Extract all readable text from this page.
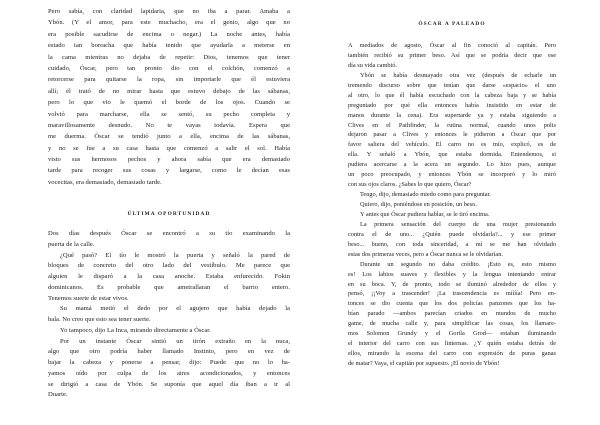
Pero sabía, con claridad lapidaria, que no iba a parar. Amaba a
Ybón. (Y el amor, para este muchacho, era el genio, algo que no
era posible sacudirse de encima o negar.) La noche antes, había
estado tan borracha que había tenido que ayudarla a meterse en
la cama mientras no dejaba de repetir: Dios, tenemos que tener
cuidado, Óscar, pero tan pronto dio con el colchón, comenzó a
retorcerse para quitarse la ropa, sin importarle que él estuviera
allí; él trató de no mirar hasta que estuvo debajo de las sábanas,
pero lo que vio le quemó el borde de los ojos. Cuando se
volvió para marcharse, ella se sentó, su pecho completa y
maravillosamente desnudo. No te vayas todavía. Espera que
me duerma. Óscar se tendió junto a ella, encima de las sábanas,
y no se fue a su casa hasta que comenzó a salir el sol. Había
visto sus hermosos pechos y ahora sabía que era demasiado
tarde para recoger sus cosas y largarse, como le decían esas
vocecitas, era demasiado, demasiado tarde.
ÚLTIMA OPORTUNIDAD
Dos días después Óscar se encontró a su tío examinando la
puerta de la calle.
¿Qué pasó? El tío le mostró la puerta y señaló la pared de
bloques de concreto del otro lado del vestíbulo. Me parece que
alguien le disparó a la casa anoche. Estaba enfurecido. Fokin
dominicanos. Es probable que ametrallaran el barrio entero.
Tenemos suerte de estar vivos.
Su mamá metió el dedo por el agujero que había dejado la
bala. No creo que esto sea tener suerte.
Yo tampoco, dijo La Inca, mirando directamente a Óscar.
Por un instante Óscar sintió un tirón extraño en la nuca,
algo que otro podría haber llamado Instinto, pero en vez de
bajar la cabeza y ponerse a pensar, dijo: Puede que no lo ha-
yamos oído por culpa de los aires acondicionados, y entonces
se dirigió a casa de Ybón. Se suponía que aquel día iban a ir al
Duarte.
ÓSCAR A PALEADO
A mediados de agosto, Óscar al fin conoció al capitán. Pero
también recibió su primer beso. Así que se podría decir que ese
día su vida cambió.
Ybón se había desmayado otra vez (después de echarle un
tremendo discurso sobre que tenían que darse «espacio» el uno
al otro, lo que él había escuchado con la cabeza baja y se había
preguntado por qué ella entonces había insistido en estar de
manos durante la cena). Era supertarde ya y estaba siguiendo a
Clives en el Pathfinder, la rutina normal, cuando unos polis
dejaron pasar a Clives y entonces le pidieron a Óscar que por
favor saliera del vehículo. El carro no es mío, explicó, es de
ella. Y señaló a Ybón, que estaba dormida. Entendemos, si
pudiera acercarse a la acera un segundo. Lo hizo pues, aunque
un poco preocupado, y entonces Ybón se incorporó y lo miró
con sus ojos claros. ¿Sabes lo que quiero, Óscar?
Tengo, dijo, demasiado miedo como para preguntar.
Quiero, dijo, poniéndose en posición, un beso.
Y antes que Óscar pudiera hablar, se le tiró encima.
La primera sensación del cuerpo de una mujer presionando
contra el de uno... ¿Quién puede olvidarla?... y ese primer
beso... bueno, con toda sinceridad, a mí se me han olvidado
estas dos primeras veces, pero a Óscar nunca se le olvidarían.
Durante un segundo no daba crédito. ¡Esto es, esto mismo
es! Los labios suaves y flexibles y la lengua intentando entrar
en su boca. Y, de pronto, todo se iluminó alrededor de ellos y
pensó, ¡¡Voy a trascender! ¡La trascendencia es míííía! Pero en-
tonces se dio cuenta que los dos policías panzones que los ha-
bían parado —ambos parecían criados en mundos de mucho
game, de mucha calle y, para simplificar las cosas, los llamare-
mos Solomon Grundy y el Gorila Grod— estaban iluminando
el interior del carro con sus linternas. ¿Y quién estaba detrás de
ellos, mirando la escena del carro con expresión de puras ganas
de matar? Vaya, el capitán por supuesto. ¡El novio de Ybón!
